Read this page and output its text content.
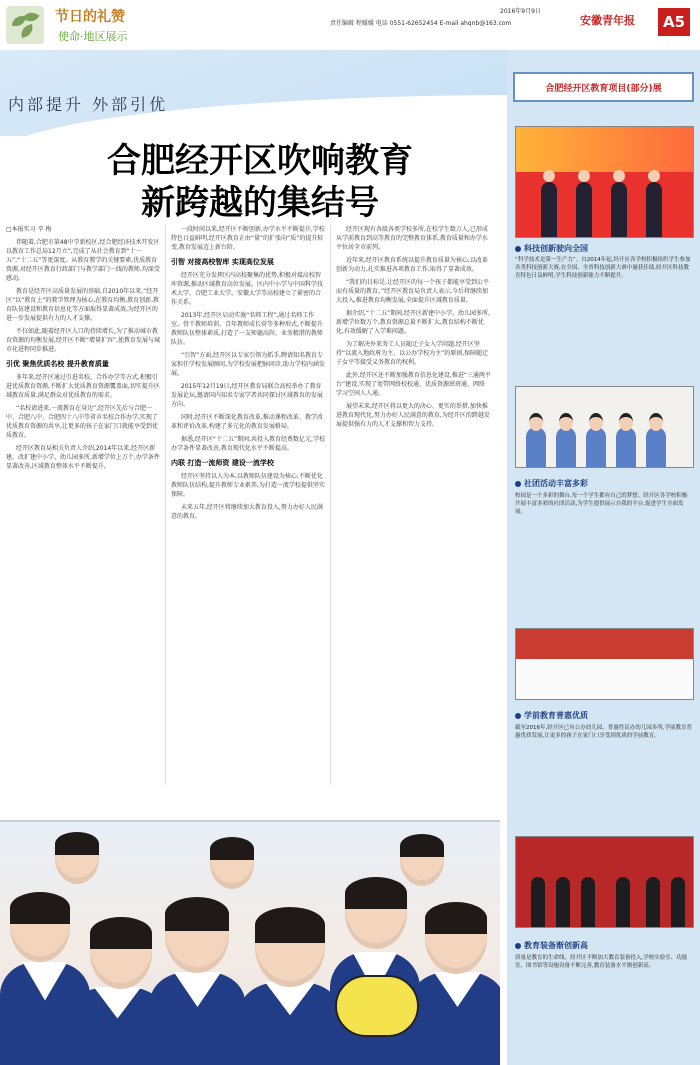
节日的礼赞
使命·地区展示
责任编辑 程媛媛 电话 0551-62652454 E-mail ahqnb@163.com
2016年9月9日
安徽青年报	A5
内部提升 外部引优
合肥经开区吹响教育
新跨越的集结号
□本报实习 辛 梅

伴随着,合肥市第48中学新校区,经合肥经济技术开发区以教育工作总局12月立”,完成了从社会教育到“十一五”,“十二五”等更深度。从教育教学的关键要素,优质教育资源,对经开区教育行政部门与教学部门一线的教师,均深受感动。

教育是经开区高质量发展的基础,自2010年以来,“经开区”以“教育上”的教学管理为核心,在教育均衡,教育创新,教育队伍建设和教育信息化等方面取得显著成效,为经开区的进一步发展提供有力的人才支撑。

不仅如此,随着经开区人口的持续增长,为了推动城市教育资源的均衡发展,经开区不断“增量扩容”,使教育发展与城市化进程同步推进。

引优 聚焦优质名校 提升教育质量

多年来,经开区通过引进名校、合作办学等方式,积极引进优质教育资源,不断扩大优质教育资源覆盖面,切实提升区域教育质量,满足群众对优质教育的需求。

“名校请进来,一流教育在身边”,经开区先后与合肥一中、合肥八中、合肥四十八中等省市名校合作办学,实现了优质教育资源的共享,让更多的孩子在家门口就能享受到优质教育。

经开区教育局相关负责人介绍,2014年以来,经开区新建、改扩建中小学、幼儿园多所,新增学位上万个,办学条件显著改善,区域教育整体水平不断提升。

一段时间以来,经开区不断创新,办学水平不断提升,学校特色日益鲜明,经开区教育正由“量”的扩张向“质”的提升转变,教育发展迈上新台阶。

引智 对接高校智库 实现高位发展

经开区充分发挥区内高校聚集的优势,积极对接高校智库资源,推动区域教育高位发展。区内中小学与中国科学技术大学、合肥工业大学、安徽大学等高校建立了紧密的合作关系。

2013年,经开区启动实施“名师工程”,通过名师工作室、骨干教师培训、青年教师成长营等多种形式,不断提升教师队伍整体素质,打造了一支师德高尚、业务精湛的教师队伍。

“引智”方面,经开区以专家引领为抓手,聘请知名教育专家担任学校发展顾问,为学校发展把脉问诊,助力学校内涵发展。

2015年12月19日,经开区教育局联合高校举办了教育发展论坛,邀请国内知名专家学者共同探讨区域教育的发展方向。

同时,经开区不断深化教育改革,推动课程改革、教学改革和评价改革,构建了多元化的教育发展格局。

据悉,经开区“十二五”期间,共投入教育经费数亿元,学校办学条件显著改善,教育现代化水平不断提高。

内联 打造一流师资 建设一流学校

经开区坚持以人为本,以教师队伍建设为核心,不断优化教师队伍结构,提升教师专业素养,为打造一流学校提供坚实保障。

未来五年,经开区将继续加大教育投入,努力办好人民满意的教育。

经开区现有各级各类学校多所,在校学生数万人,已形成从学前教育到高等教育的完整教育体系,教育质量和办学水平位居全市前列。

近年来,经开区教育系统以提升教育质量为核心,以改革创新为动力,扎实推进各项教育工作,取得了显著成效。

“我们的目标是,让经开区的每一个孩子都能享受到公平而有质量的教育。”经开区教育局负责人表示,今后将继续加大投入,推进教育均衡发展,全面提升区域教育质量。

据介绍,“十二五”期间,经开区新建中小学、幼儿园多所,新增学位数万个,教育资源总量不断扩大,教育结构不断优化,有效缓解了入学难问题。

为了解决外来务工人员随迁子女入学问题,经开区坚持“以流入地政府为主、以公办学校为主”的原则,保障随迁子女平等接受义务教育的权利。

此外,经开区还不断加强教育信息化建设,推进“三通两平台”建设,实现了宽带网络校校通、优质资源班班通、网络学习空间人人通。

展望未来,经开区将以更大的决心、更实的举措,加快推进教育现代化,努力办好人民满意的教育,为经开区的跨越发展提供强有力的人才支撑和智力支持。

合肥经开区教育项目(部分)展
科技创新驶向全国
“科学技术是第一生产力”。自2014年起,经开区各学校积极组织学生参加各类科技创新大赛,在全国、全省科技创新大赛中屡获佳绩,经开区科技教育特色日益鲜明,学生科技创新能力不断提升。
社团活动丰富多彩
校园是一个多彩的舞台,每一个学生都有自己的梦想。经开区各学校积极开展丰富多彩的社团活动,为学生提供展示自我的平台,促进学生全面发展。
学前教育普惠优质
截至2016年,经开区已有公办幼儿园、普惠性民办幼儿园多所,学前教育普惠优质发展,让更多的孩子在家门口享受到优质的学前教育。
教育装备渐创新高
质量是教育的生命线。经开区不断加大教育装备投入,学校实验室、功能室、图书馆等设施设备不断完善,教育装备水平渐创新高。
